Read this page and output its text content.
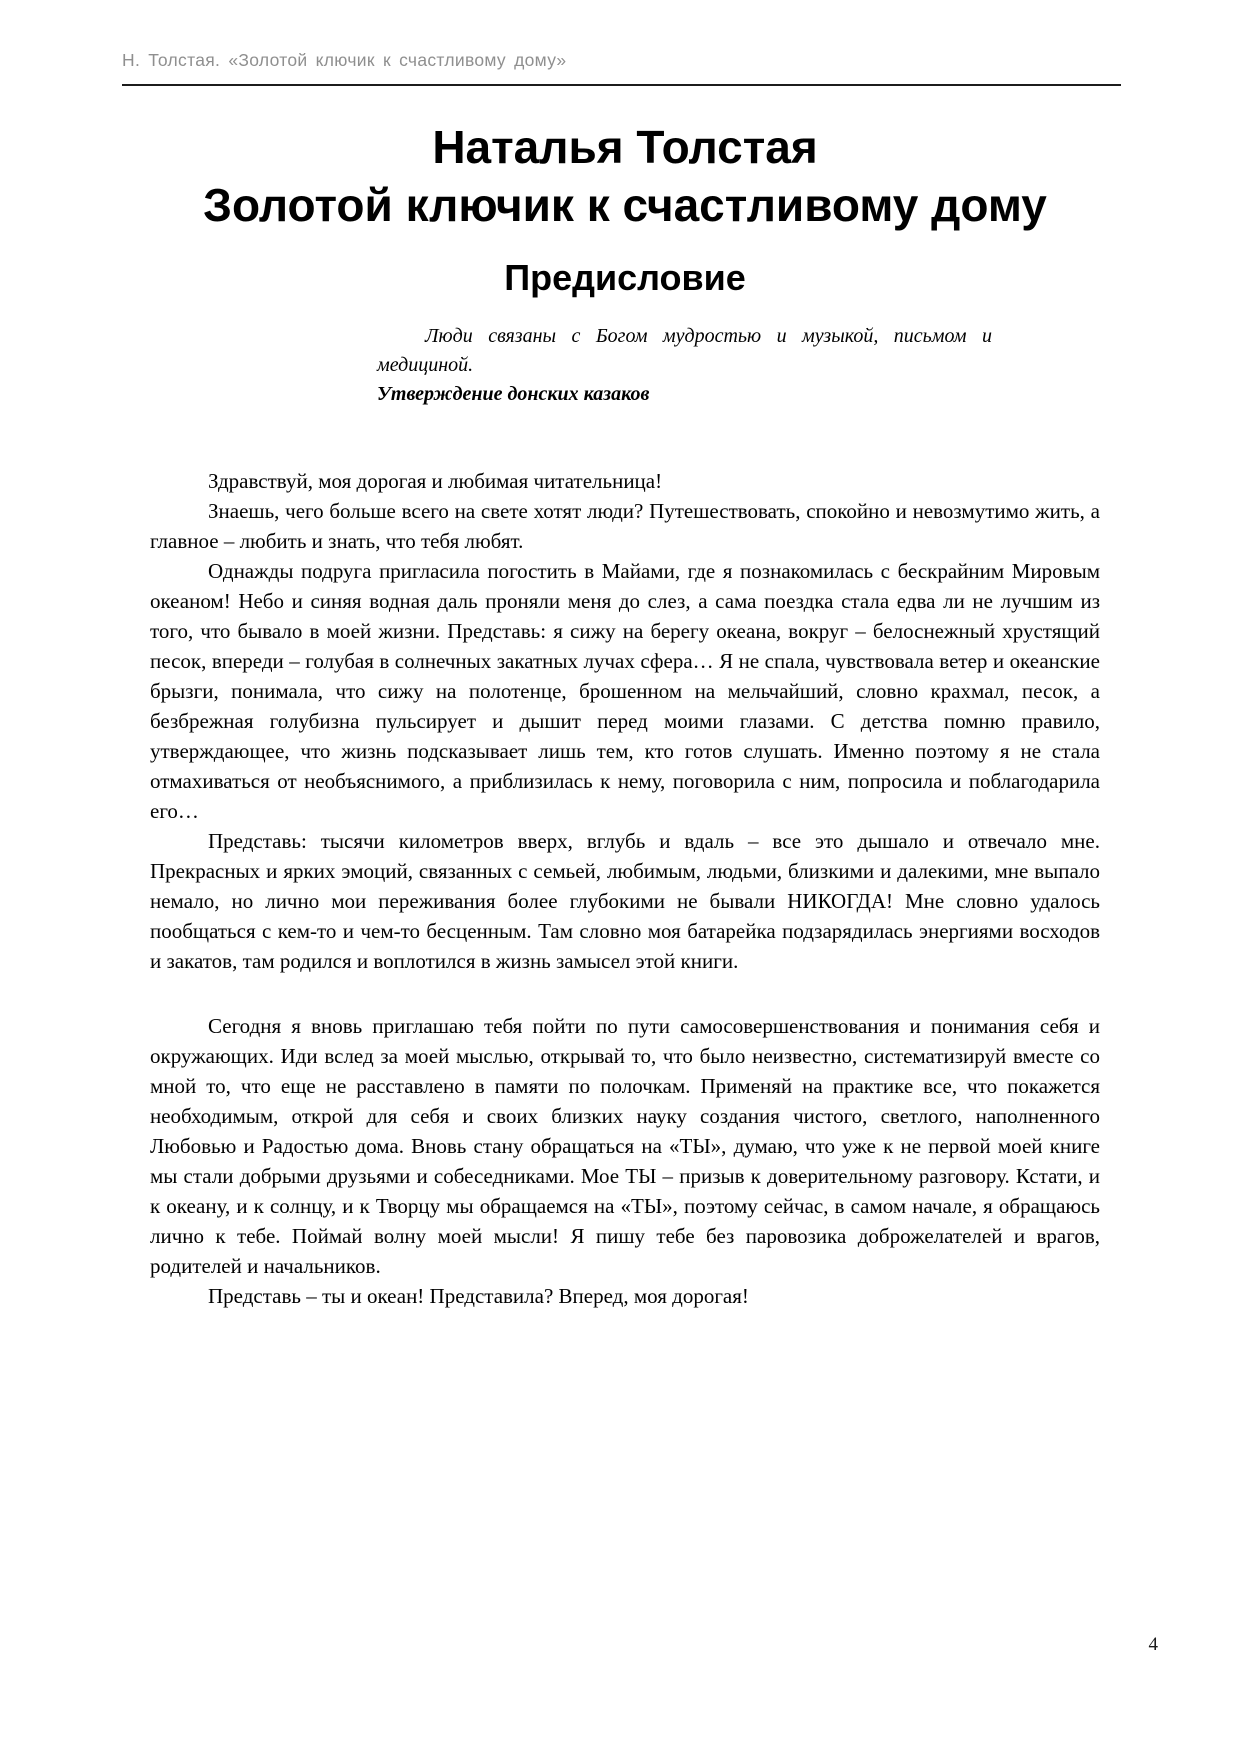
Н. Толстая. «Золотой ключик к счастливому дому»
Наталья Толстая
Золотой ключик к счастливому дому
Предисловие

Люди связаны с Богом мудростью и музыкой, письмом и медициной.

Утверждение донских казаков

Здравствуй, моя дорогая и любимая читательница!

Знаешь, чего больше всего на свете хотят люди? Путешествовать, спокойно и невозмутимо жить, а главное – любить и знать, что тебя любят.

Однажды подруга пригласила погостить в Майами, где я познакомилась с бескрайним Мировым океаном! Небо и синяя водная даль проняли меня до слез, а сама поездка стала едва ли не лучшим из того, что бывало в моей жизни. Представь: я сижу на берегу океана, вокруг – белоснежный хрустящий песок, впереди – голубая в солнечных закатных лучах сфера… Я не спала, чувствовала ветер и океанские брызги, понимала, что сижу на полотенце, брошенном на мельчайший, словно крахмал, песок, а безбрежная голубизна пульсирует и дышит перед моими глазами. С детства помню правило, утверждающее, что жизнь подсказывает лишь тем, кто готов слушать. Именно поэтому я не стала отмахиваться от необъяснимого, а приблизилась к нему, поговорила с ним, попросила и поблагодарила его…

Представь: тысячи километров вверх, вглубь и вдаль – все это дышало и отвечало мне. Прекрасных и ярких эмоций, связанных с семьей, любимым, людьми, близкими и далекими, мне выпало немало, но лично мои переживания более глубокими не бывали НИКОГДА! Мне словно удалось пообщаться с кем-то и чем-то бесценным. Там словно моя батарейка подзарядилась энергиями восходов и закатов, там родился и воплотился в жизнь замысел этой книги.

Сегодня я вновь приглашаю тебя пойти по пути самосовершенствования и понимания себя и окружающих. Иди вслед за моей мыслью, открывай то, что было неизвестно, систематизируй вместе со мной то, что еще не расставлено в памяти по полочкам. Применяй на практике все, что покажется необходимым, открой для себя и своих близких науку создания чистого, светлого, наполненного Любовью и Радостью дома. Вновь стану обращаться на «ТЫ», думаю, что уже к не первой моей книге мы стали добрыми друзьями и собеседниками. Мое ТЫ – призыв к доверительному разговору. Кстати, и к океану, и к солнцу, и к Творцу мы обращаемся на «ТЫ», поэтому сейчас, в самом начале, я обращаюсь лично к тебе. Поймай волну моей мысли! Я пишу тебе без паровозика доброжелателей и врагов, родителей и начальников.

Представь – ты и океан! Представила? Вперед, моя дорогая!

4
